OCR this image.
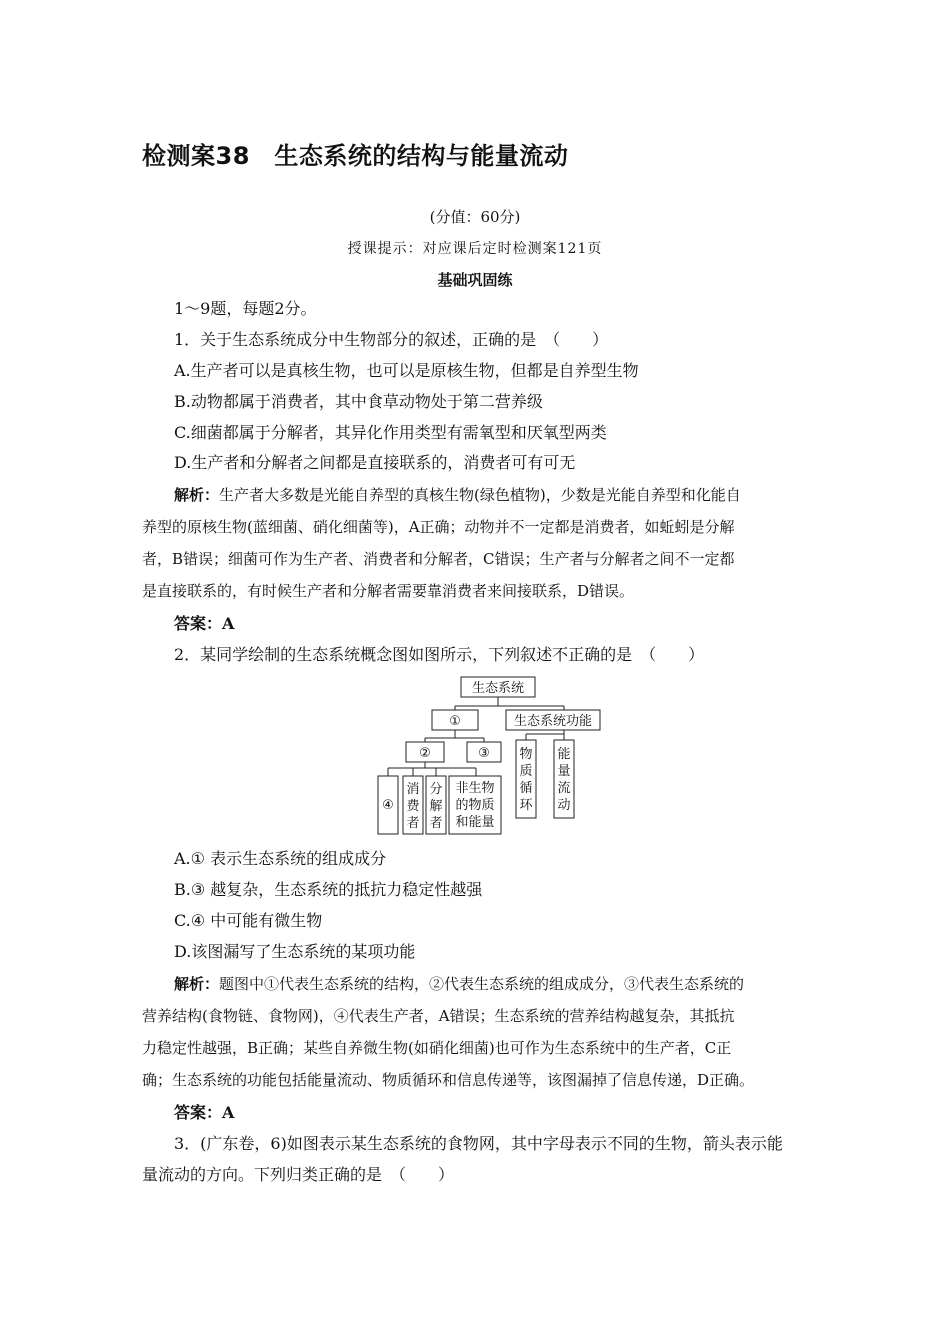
检测案38　生态系统的结构与能量流动
(分值：60分)
授课提示：对应课后定时检测案121页
基础巩固练
1～9题，每题2分。
1．关于生态系统成分中生物部分的叙述，正确的是　（　　）
A.生产者可以是真核生物，也可以是原核生物，但都是自养型生物
B.动物都属于消费者，其中食草动物处于第二营养级
C.细菌都属于分解者，其异化作用类型有需氧型和厌氧型两类
D.生产者和分解者之间都是直接联系的，消费者可有可无
解析：生产者大多数是光能自养型的真核生物(绿色植物)，少数是光能自养型和化能自
养型的原核生物(蓝细菌、硝化细菌等)，A正确；动物并不一定都是消费者，如蚯蚓是分解
者，B错误；细菌可作为生产者、消费者和分解者，C错误；生产者与分解者之间不一定都
是直接联系的，有时候生产者和分解者需要靠消费者来间接联系，D错误。
答案：A
2．某同学绘制的生态系统概念图如图所示，下列叙述不正确的是　（　　）
生态系统
①	生态系统功能
②	③
④
消
费
者
分
解
者
非生物
的物质
和能量
物
质
循
环
能
量
流
动
A.① 表示生态系统的组成成分
B.③ 越复杂，生态系统的抵抗力稳定性越强
C.④ 中可能有微生物
D.该图漏写了生态系统的某项功能
解析：题图中①代表生态系统的结构，②代表生态系统的组成成分，③代表生态系统的
营养结构(食物链、食物网)，④代表生产者，A错误；生态系统的营养结构越复杂，其抵抗
力稳定性越强，B正确；某些自养微生物(如硝化细菌)也可作为生态系统中的生产者，C正
确；生态系统的功能包括能量流动、物质循环和信息传递等，该图漏掉了信息传递，D正确。
答案：A
3．(广东卷，6)如图表示某生态系统的食物网，其中字母表示不同的生物，箭头表示能
量流动的方向。下列归类正确的是　（　　）
